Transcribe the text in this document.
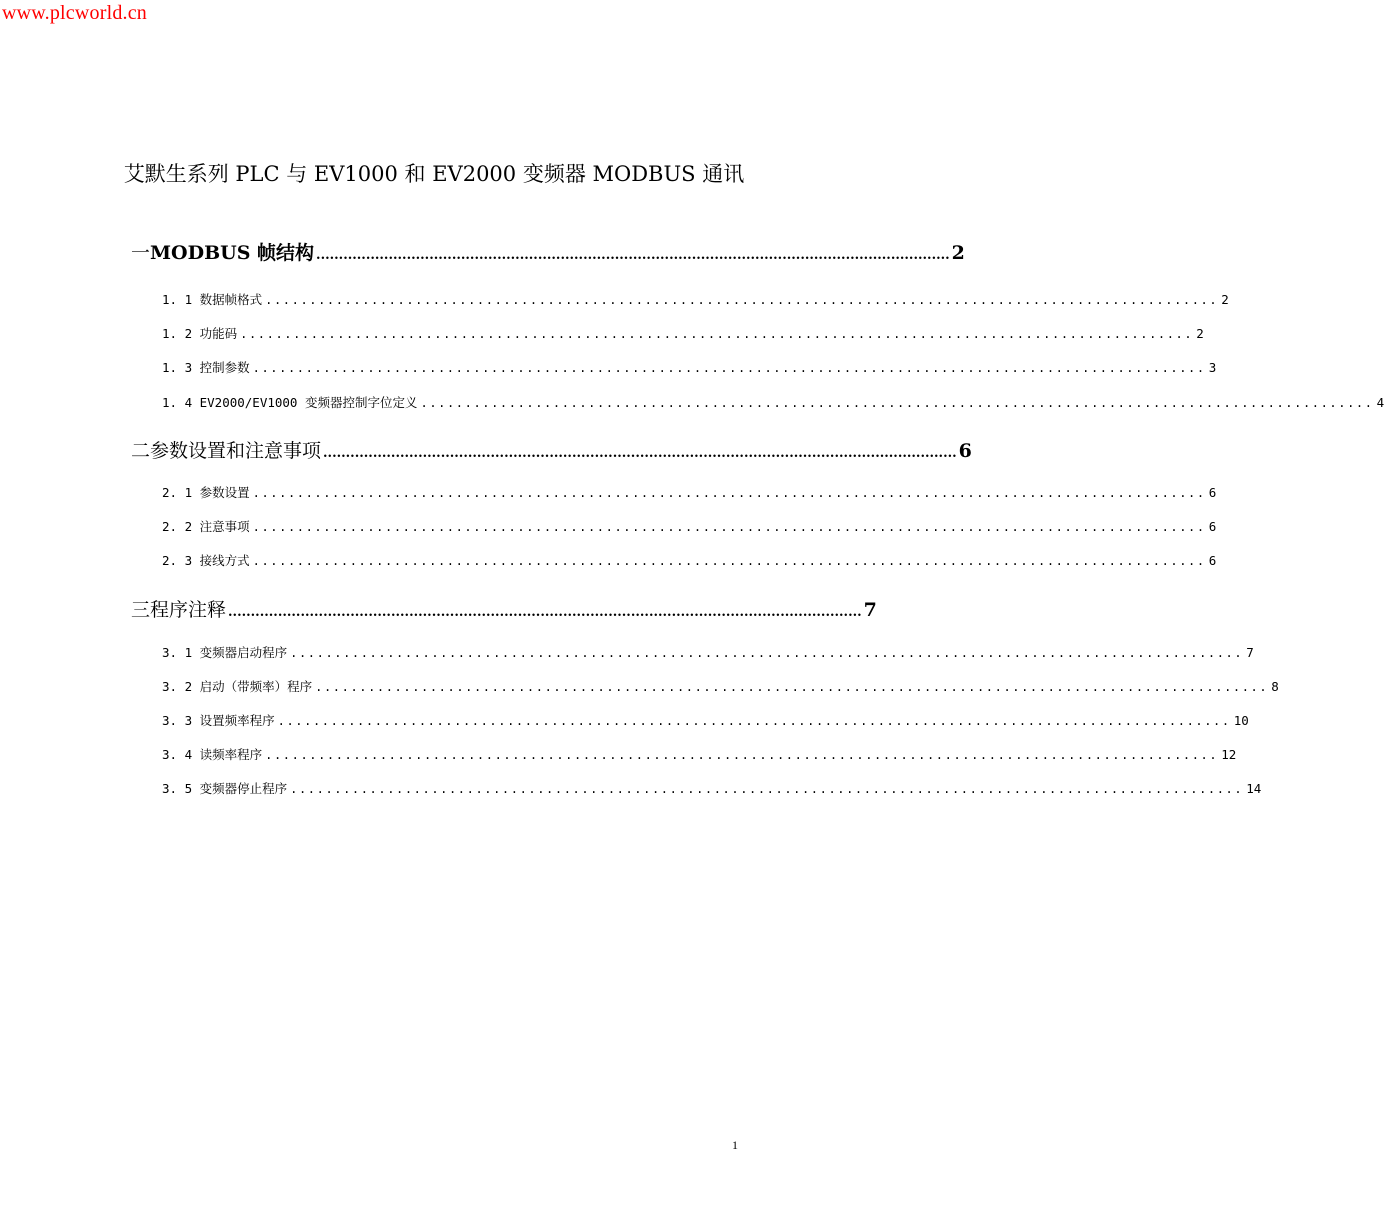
www.plcworld.cn
艾默生系列 PLC 与 EV1000 和 EV2000 变频器 MODBUS 通讯
一 MODBUS 帧结构 ............................................................................................................................................ 2
1. 1 数据帧格式 ............................................................................................................ 2
1. 2 功能码 ............................................................................................................ 2
1. 3 控制参数 ............................................................................................................ 3
1. 4 EV2000/EV1000 变频器控制字位定义 ............................................................................................................ 4
二 参数设置和注意事项 ............................................................................................................................................ 6
2. 1 参数设置 ............................................................................................................ 6
2. 2 注意事项 ............................................................................................................ 6
2. 3 接线方式 ............................................................................................................ 6
三 程序注释 ............................................................................................................................................ 7
3. 1 变频器启动程序 ............................................................................................................ 7
3. 2 启动（带频率）程序 ............................................................................................................ 8
3. 3 设置频率程序 ............................................................................................................ 10
3. 4 读频率程序 ............................................................................................................ 12
3. 5 变频器停止程序 ............................................................................................................ 14
1
